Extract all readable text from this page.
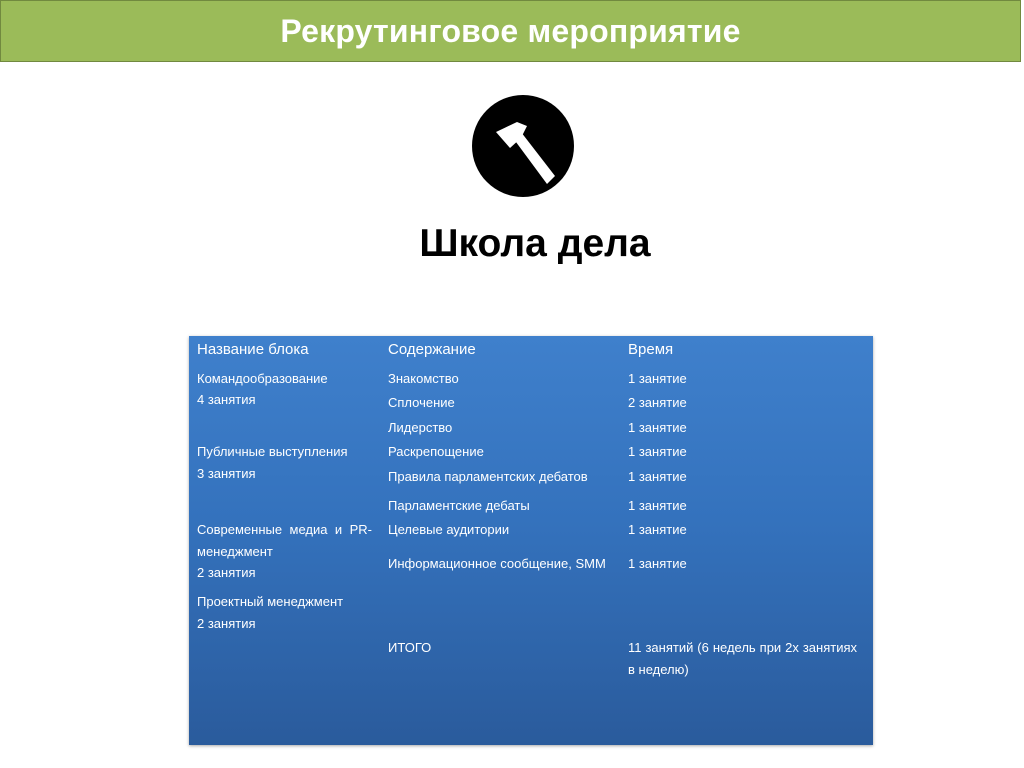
Рекрутинговое мероприятие
Школа дела
Название блока	Содержание	Время

Командообразование
4 занятия	Знакомство	1 занятие
	Сплочение	2 занятие
	Лидерство	1 занятие

Публичные выступления
3 занятия	Раскрепощение	1 занятие
	Правила парламентских дебатов	1 занятие
	Парламентские дебаты	1 занятие

Современные медиа и PR-менеджмент
2 занятия	Целевые аудитории	1 занятие
	Информационное сообщение, SMM	1 занятие

Проектный менеджмент
2 занятия		

	ИТОГО	11 занятий (6 недель при 2х занятиях в неделю)
